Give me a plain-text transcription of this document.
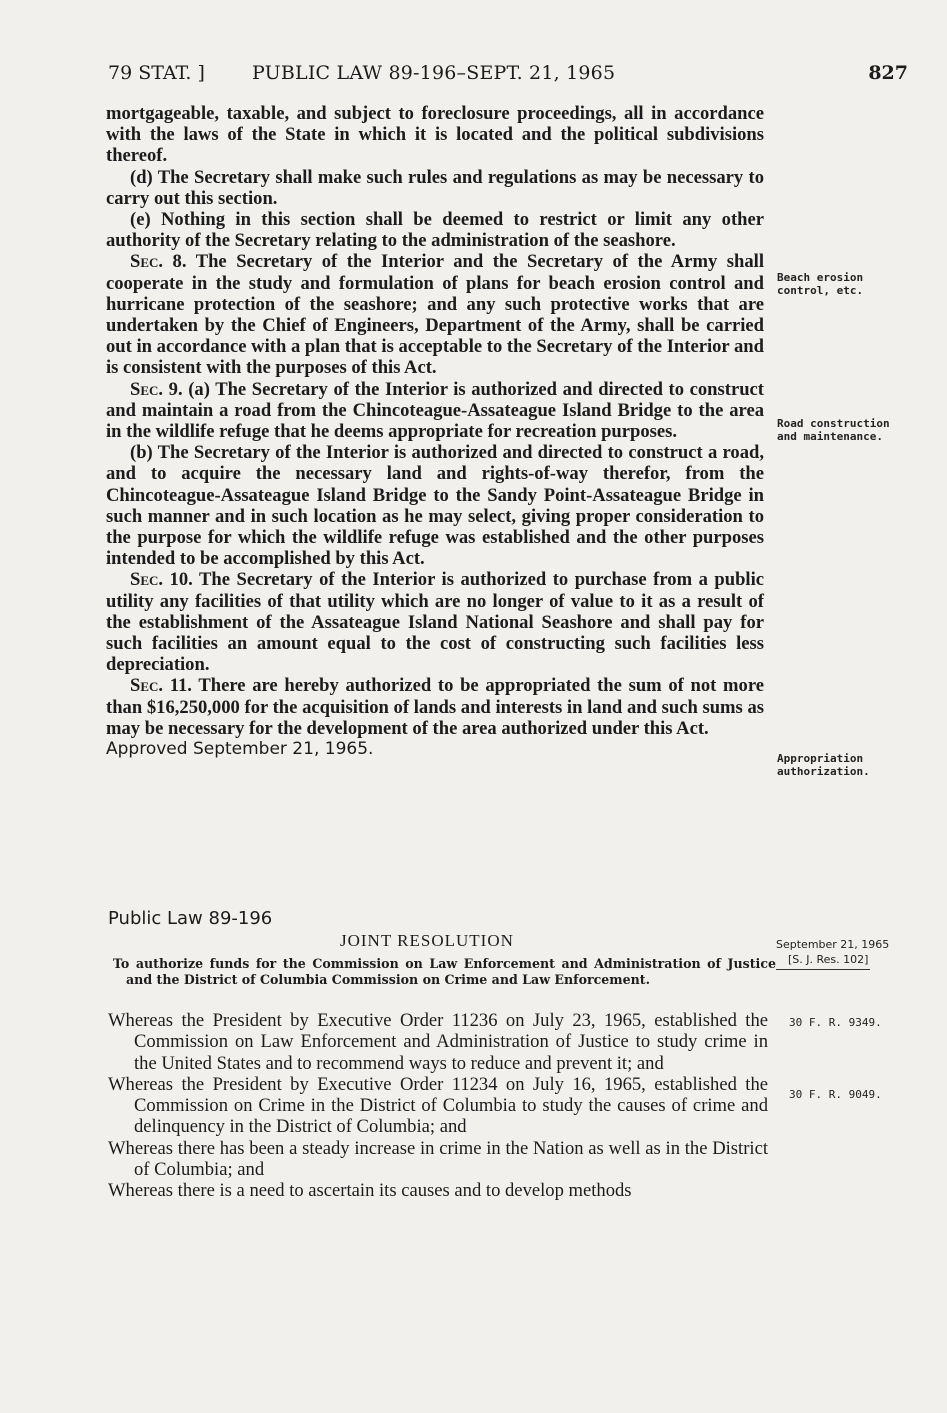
79 STAT. ] PUBLIC LAW 89-196–SEPT. 21, 1965	827

mortgageable, taxable, and subject to foreclosure proceedings, all in accordance with the laws of the State in which it is located and the political subdivisions thereof.

(d) The Secretary shall make such rules and regulations as may be necessary to carry out this section.

(e) Nothing in this section shall be deemed to restrict or limit any other authority of the Secretary relating to the administration of the seashore.

Sec. 8. The Secretary of the Interior and the Secretary of the Army shall cooperate in the study and formulation of plans for beach erosion control and hurricane protection of the seashore; and any such protective works that are undertaken by the Chief of Engineers, Department of the Army, shall be carried out in accordance with a plan that is acceptable to the Secretary of the Interior and is consistent with the purposes of this Act.

Sec. 9. (a) The Secretary of the Interior is authorized and directed to construct and maintain a road from the Chincoteague-Assateague Island Bridge to the area in the wildlife refuge that he deems appropriate for recreation purposes.

(b) The Secretary of the Interior is authorized and directed to construct a road, and to acquire the necessary land and rights-of-way therefor, from the Chincoteague-Assateague Island Bridge to the Sandy Point-Assateague Bridge in such manner and in such location as he may select, giving proper consideration to the purpose for which the wildlife refuge was established and the other purposes intended to be accomplished by this Act.

Sec. 10. The Secretary of the Interior is authorized to purchase from a public utility any facilities of that utility which are no longer of value to it as a result of the establishment of the Assateague Island National Seashore and shall pay for such facilities an amount equal to the cost of constructing such facilities less depreciation.

Sec. 11. There are hereby authorized to be appropriated the sum of not more than $16,250,000 for the acquisition of lands and interests in land and such sums as may be necessary for the development of the area authorized under this Act.

Approved September 21, 1965.

Beach erosion control, etc.
Road construction and maintenance.
Appropriation authorization.
Public Law 89-196
JOINT RESOLUTION	September 21, 1965
[S. J. Res. 102]
To authorize funds for the Commission on Law Enforcement and Administration of Justice and the District of Columbia Commission on Crime and Law Enforcement.
30 F. R. 9349.
30 F. R. 9049.

Whereas the President by Executive Order 11236 on July 23, 1965, established the Commission on Law Enforcement and Administration of Justice to study crime in the United States and to recommend ways to reduce and prevent it; and

Whereas the President by Executive Order 11234 on July 16, 1965, established the Commission on Crime in the District of Columbia to study the causes of crime and delinquency in the District of Columbia; and

Whereas there has been a steady increase in crime in the Nation as well as in the District of Columbia; and

Whereas there is a need to ascertain its causes and to develop methods
